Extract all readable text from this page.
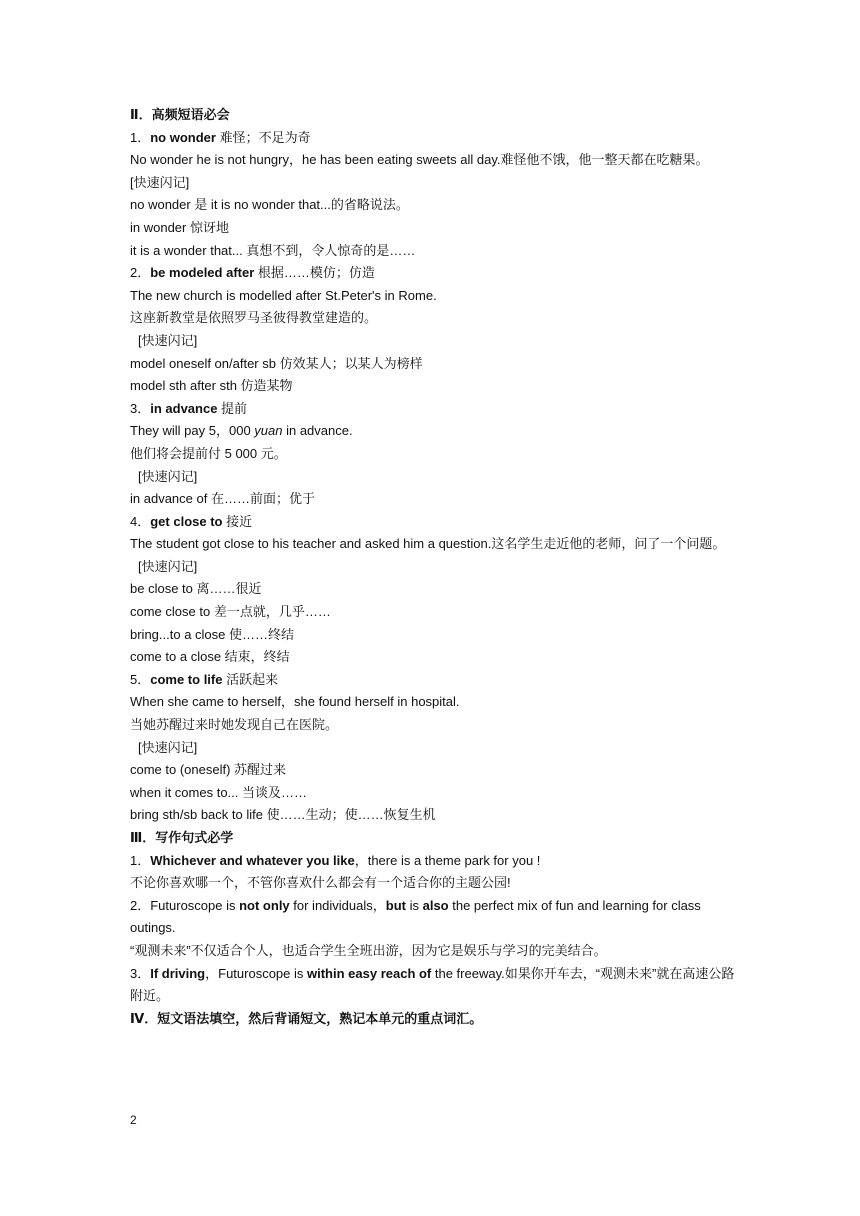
Ⅱ．高频短语必会
1．no wonder 难怪；不足为奇
No wonder he is not hungry，he has been eating sweets all day.难怪他不饿，他一整天都在吃糖果。
[快速闪记]
no wonder 是 it is no wonder that...的省略说法。
in wonder 惊讶地
it is a wonder that... 真想不到，令人惊奇的是……
2．be modeled after 根据……模仿；仿造
The new church is modelled after St.Peter's in Rome.
这座新教堂是依照罗马圣彼得教堂建造的。
[快速闪记]
model oneself on/after sb 仿效某人；以某人为榜样
model sth after sth 仿造某物
3．in advance 提前
They will pay 5，000 yuan in advance.
他们将会提前付 5 000 元。
[快速闪记]
in advance of 在……前面；优于
4．get close to 接近
The student got close to his teacher and asked him a question.这名学生走近他的老师，问了一个问题。
[快速闪记]
be close to 离……很近
come close to 差一点就，几乎……
bring...to a close 使……终结
come to a close 结束，终结
5．come to life 活跃起来
When she came to herself，she found herself in hospital.
当她苏醒过来时她发现自己在医院。
[快速闪记]
come to (oneself) 苏醒过来
when it comes to... 当谈及……
bring sth/sb back to life 使……生动；使……恢复生机
Ⅲ．写作句式必学
1．Whichever and whatever you like，there is a theme park for you !
不论你喜欢哪一个，不管你喜欢什么都会有一个适合你的主题公园!
2．Futuroscope is not only for individuals，but is also the perfect mix of fun and learning for class outings.
“观测未来”不仅适合个人，也适合学生全班出游，因为它是娱乐与学习的完美结合。
3．If driving，Futuroscope is within easy reach of the freeway.如果你开车去，“观测未来”就在高速公路附近。
Ⅳ．短文语法填空，然后背诵短文，熟记本单元的重点词汇。
2
